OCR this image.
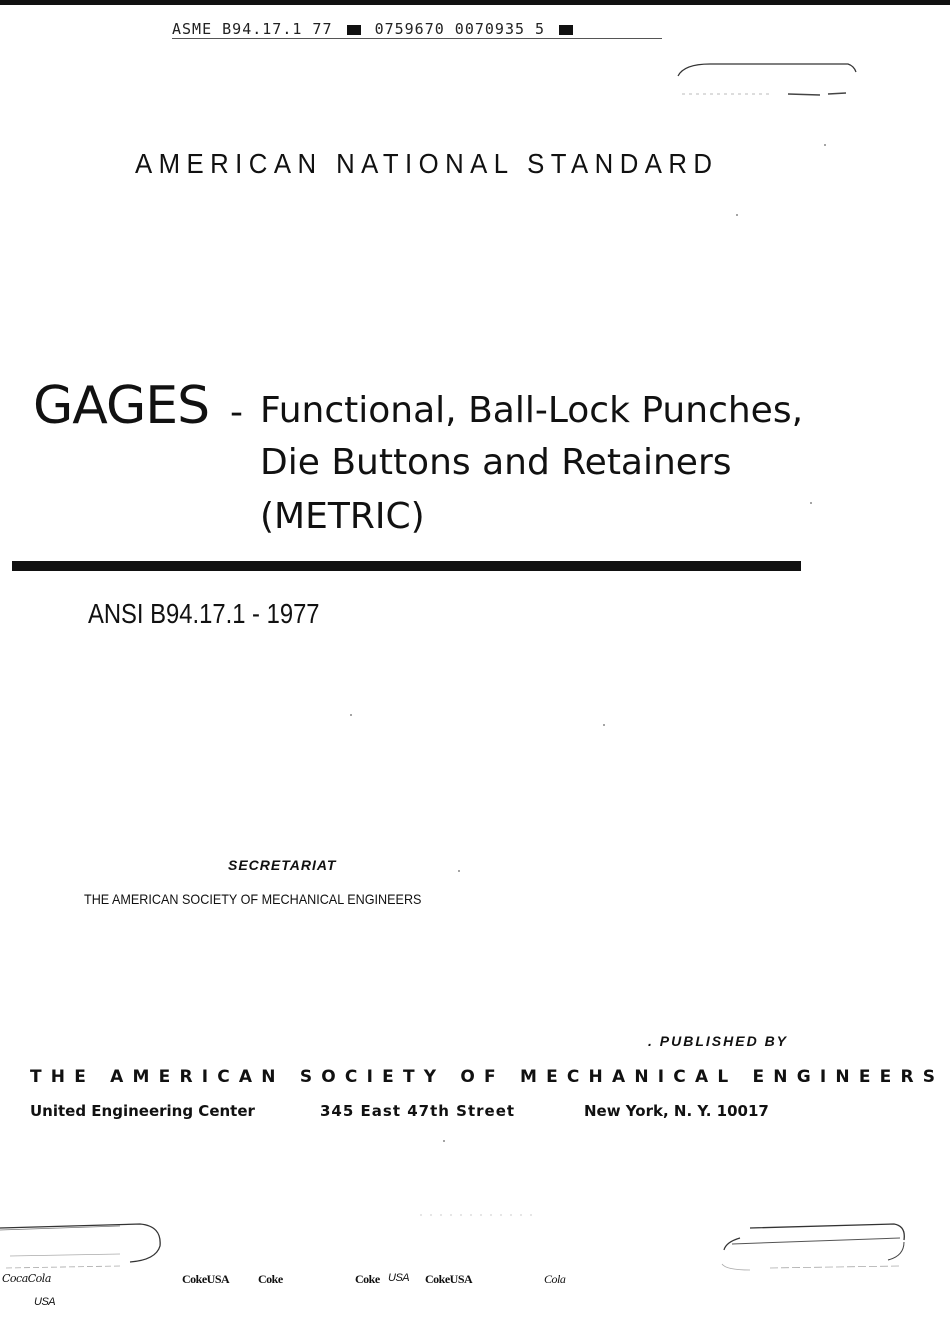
ASME B94.17.1 77	0759670 0070935 5
AMERICAN NATIONAL STANDARD
GAGES - Functional, Ball-Lock Punches,
Die Buttons and Retainers
(METRIC)
ANSI B94.17.1 - 1977
SECRETARIAT
THE AMERICAN SOCIETY OF MECHANICAL ENGINEERS
. PUBLISHED BY
THE AMERICAN SOCIETY OF MECHANICAL ENGINEERS
United Engineering Center	345 East 47th Street	New York, N. Y. 10017
CocaCola
USA
CokeUSA Coke	Coke USA CokeUSA	Cola
